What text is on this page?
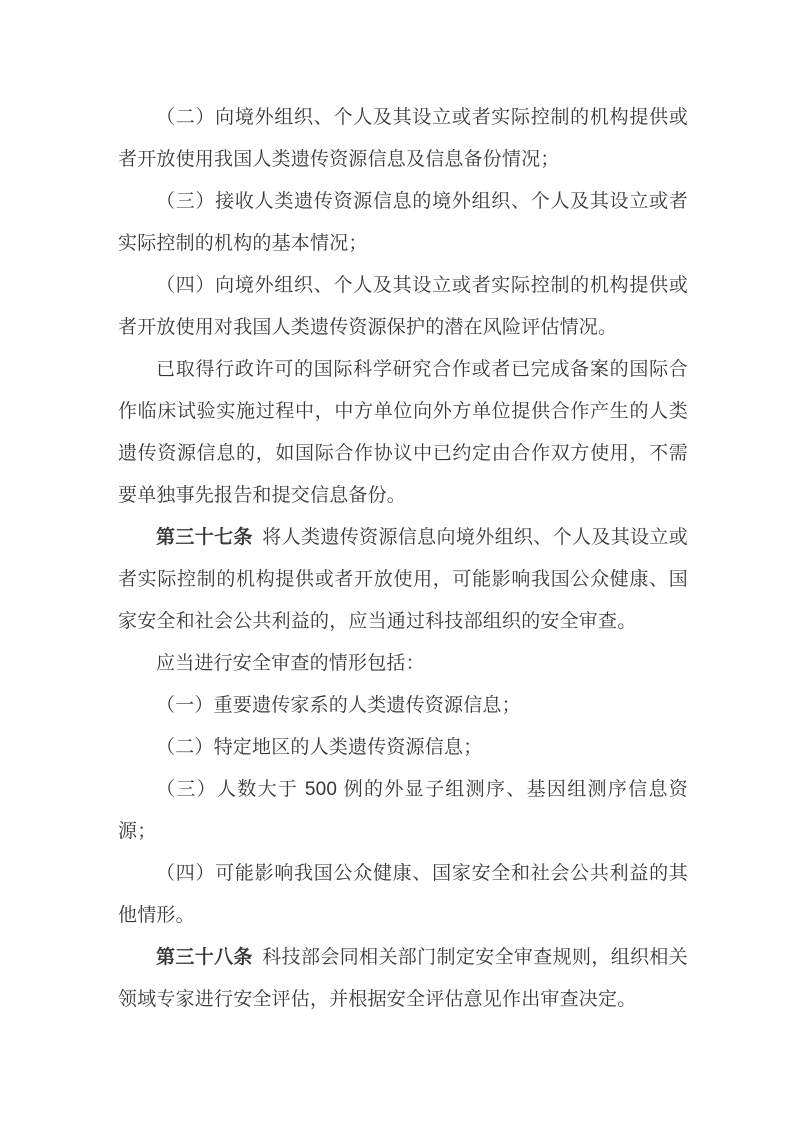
（二）向境外组织、个人及其设立或者实际控制的机构提供或者开放使用我国人类遗传资源信息及信息备份情况；

（三）接收人类遗传资源信息的境外组织、个人及其设立或者实际控制的机构的基本情况；

（四）向境外组织、个人及其设立或者实际控制的机构提供或者开放使用对我国人类遗传资源保护的潜在风险评估情况。

已取得行政许可的国际科学研究合作或者已完成备案的国际合作临床试验实施过程中，中方单位向外方单位提供合作产生的人类遗传资源信息的，如国际合作协议中已约定由合作双方使用，不需要单独事先报告和提交信息备份。

第三十七条 将人类遗传资源信息向境外组织、个人及其设立或者实际控制的机构提供或者开放使用，可能影响我国公众健康、国家安全和社会公共利益的，应当通过科技部组织的安全审查。

应当进行安全审查的情形包括：

（一）重要遗传家系的人类遗传资源信息；

（二）特定地区的人类遗传资源信息；

（三）人数大于 500 例的外显子组测序、基因组测序信息资源；

（四）可能影响我国公众健康、国家安全和社会公共利益的其他情形。

第三十八条 科技部会同相关部门制定安全审查规则，组织相关领域专家进行安全评估，并根据安全评估意见作出审查决定。
